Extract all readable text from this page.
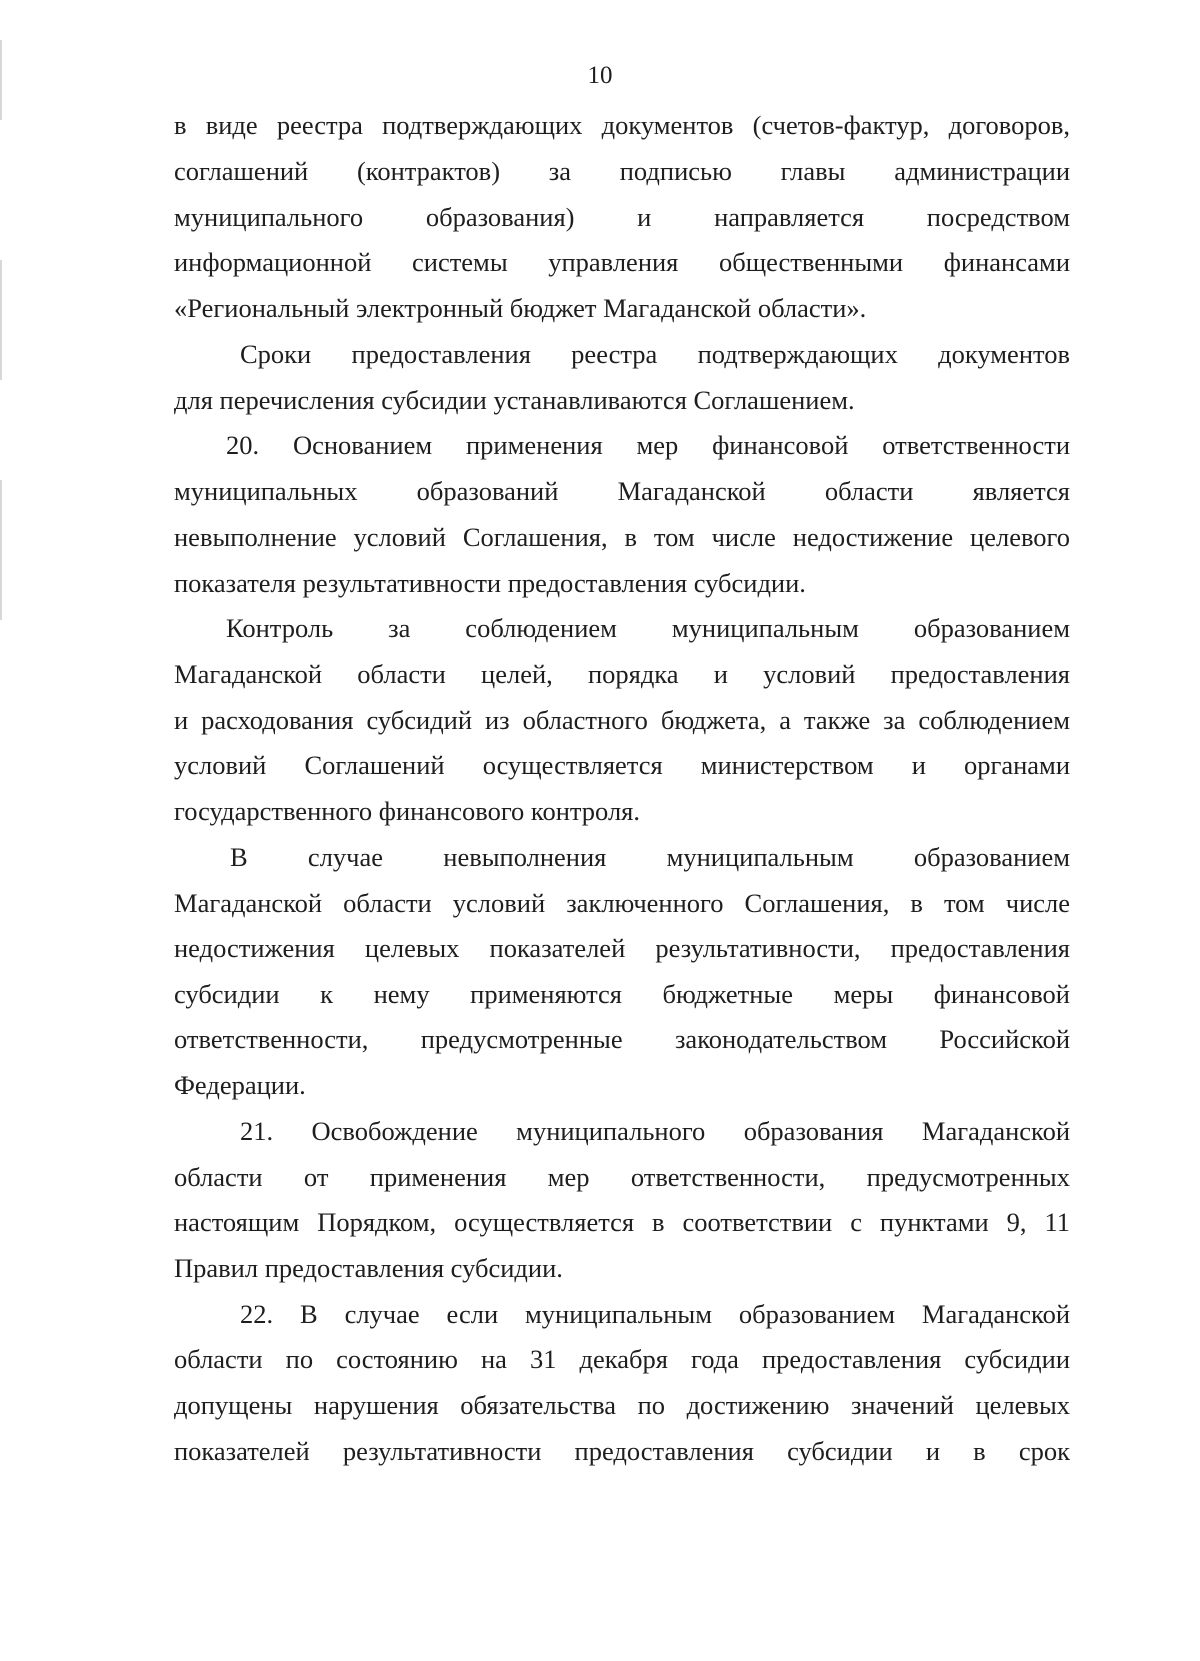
10
в виде реестра подтверждающих документов (счетов-фактур, договоров,
соглашений (контрактов) за подписью главы администрации
муниципального образования) и направляется посредством
информационной системы управления общественными финансами
«Региональный электронный бюджет Магаданской области».
Сроки предоставления реестра подтверждающих документов
для перечисления субсидии устанавливаются Соглашением.
20. Основанием применения мер финансовой ответственности
муниципальных образований Магаданской области является
невыполнение условий Соглашения, в том числе недостижение целевого
показателя результативности предоставления субсидии.
Контроль за соблюдением муниципальным образованием
Магаданской области целей, порядка и условий предоставления
и расходования субсидий из областного бюджета, а также за соблюдением
условий Соглашений осуществляется министерством и органами
государственного финансового контроля.
В случае невыполнения муниципальным образованием
Магаданской области условий заключенного Соглашения, в том числе
недостижения целевых показателей результативности, предоставления
субсидии к нему применяются бюджетные меры финансовой
ответственности, предусмотренные законодательством Российской
Федерации.
21. Освобождение муниципального образования Магаданской
области от применения мер ответственности, предусмотренных
настоящим Порядком, осуществляется в соответствии с пунктами 9, 11
Правил предоставления субсидии.
22. В случае если муниципальным образованием Магаданской
области по состоянию на 31 декабря года предоставления субсидии
допущены нарушения обязательства по достижению значений целевых
показателей результативности предоставления субсидии и в срок
